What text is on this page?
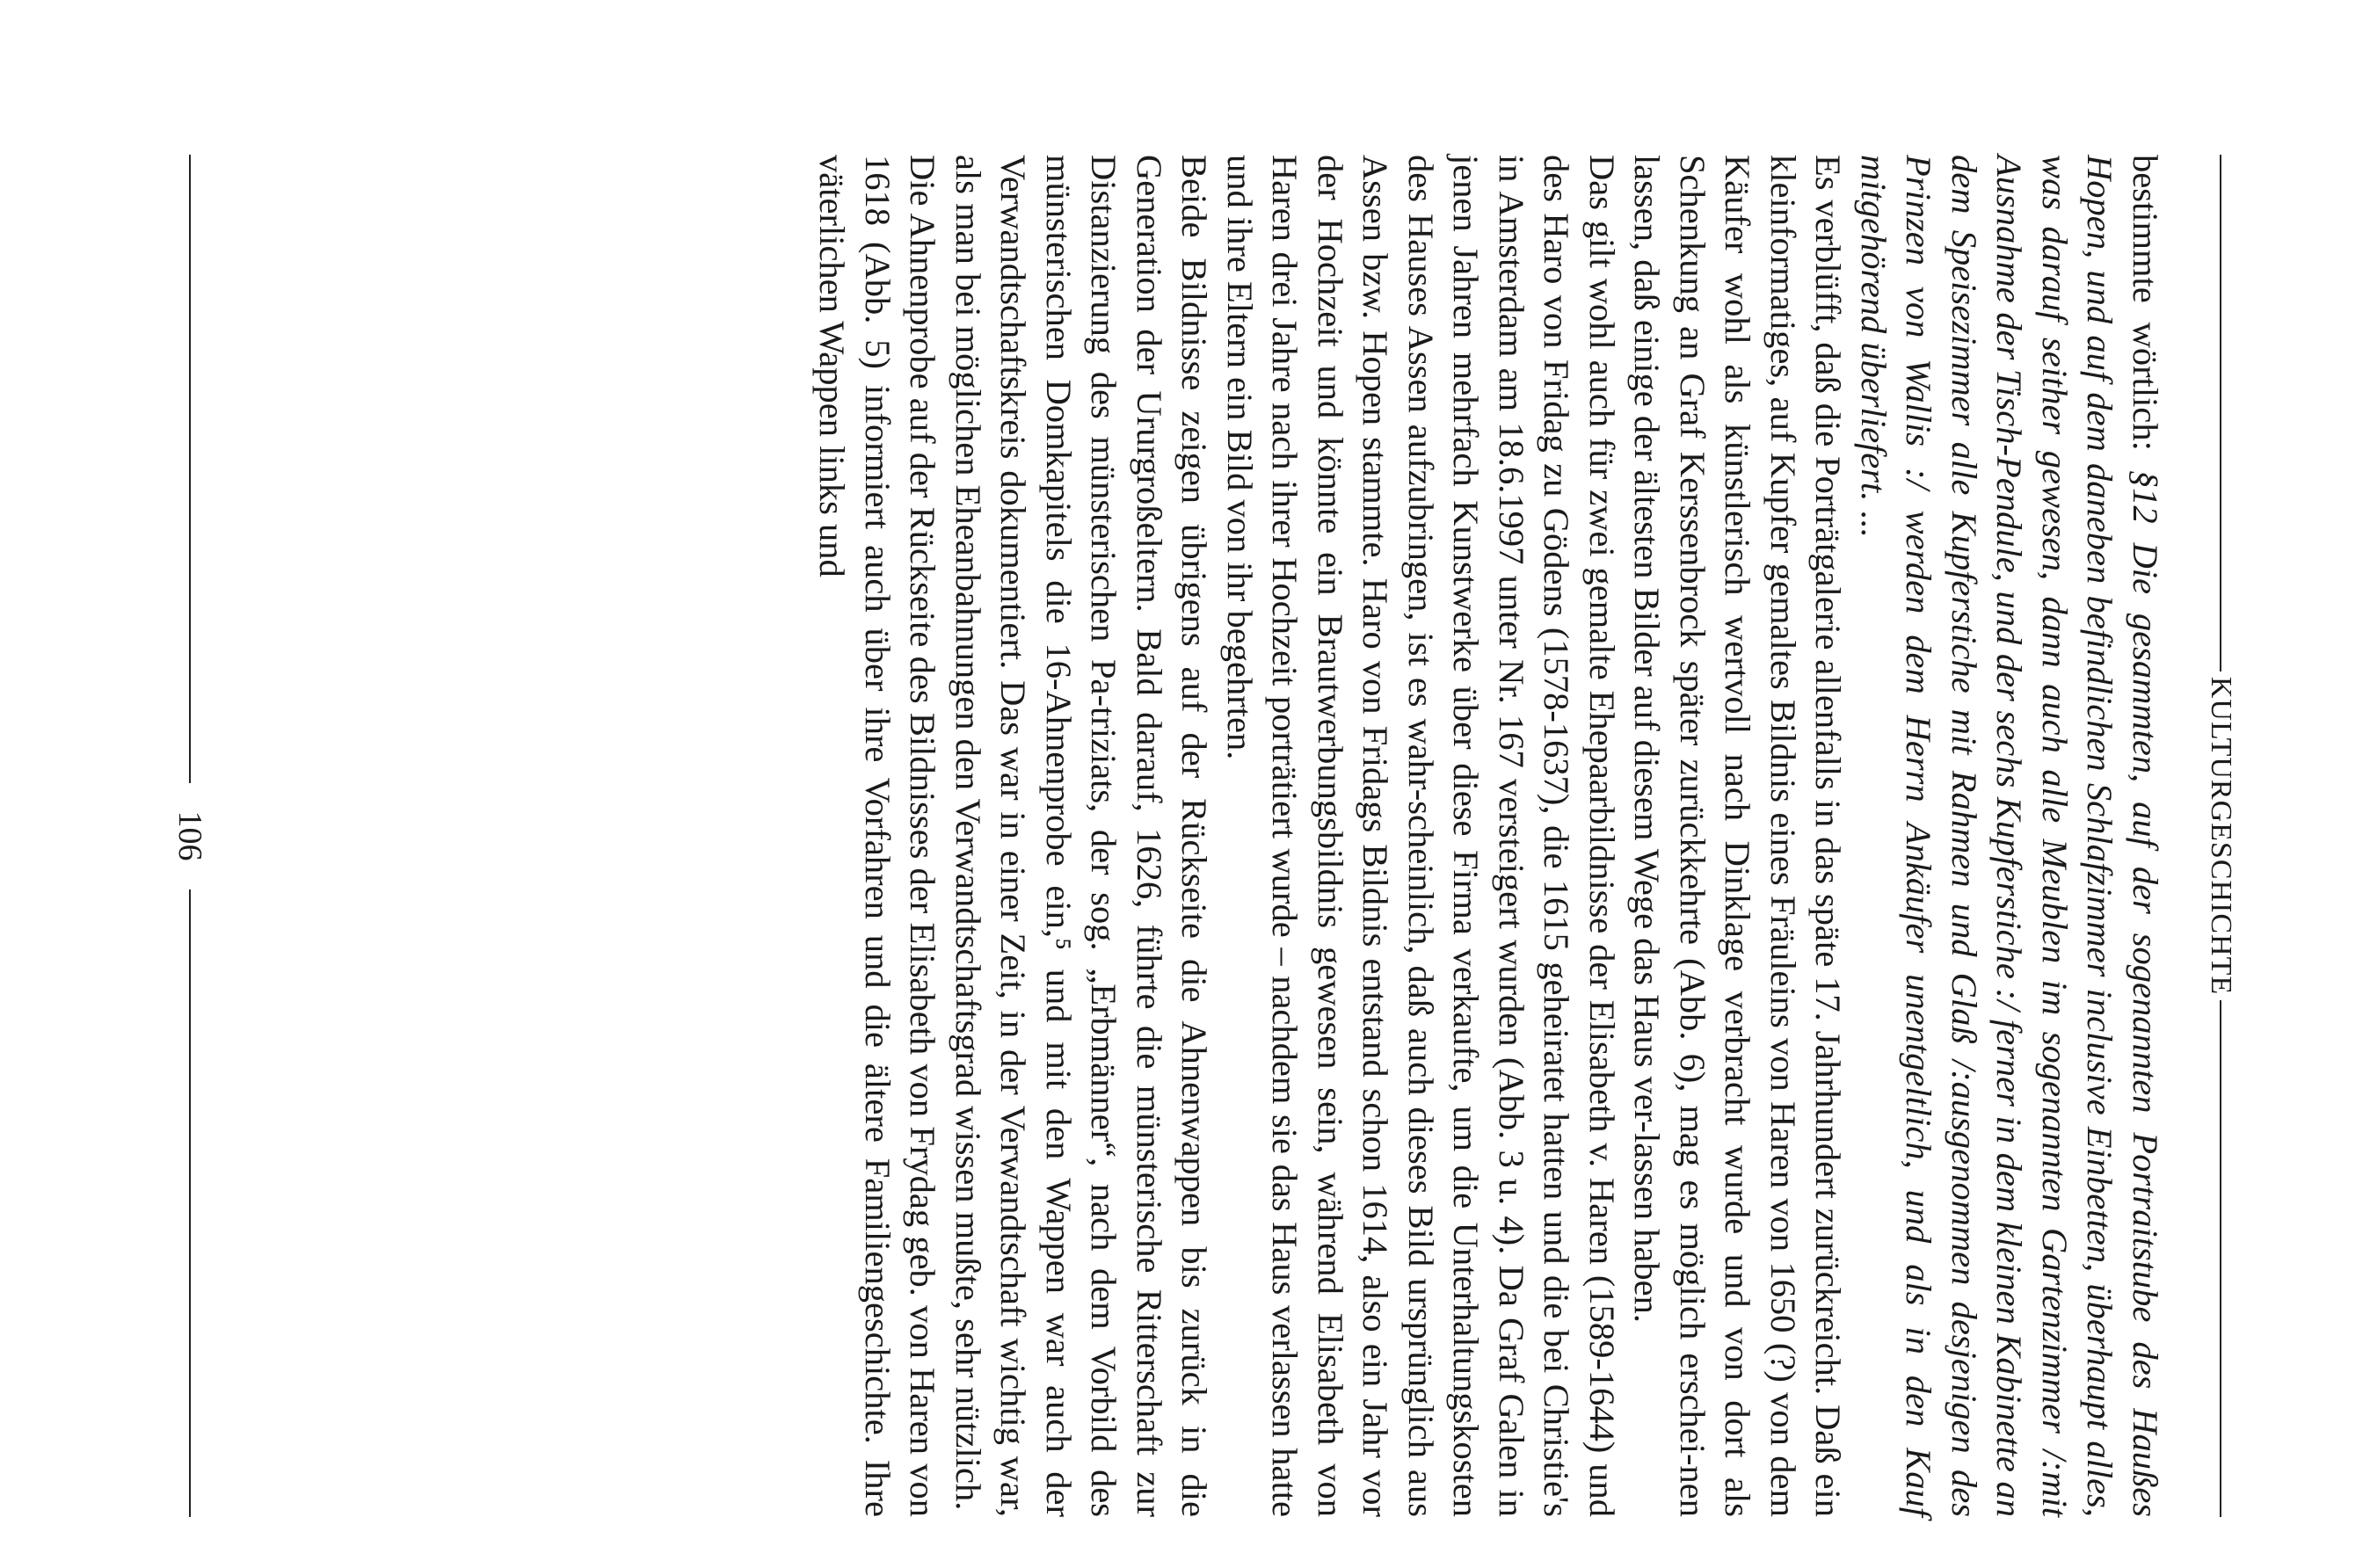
KULTURGESCHICHTE

bestimmte wörtlich: §12 Die gesammten, auf der sogenannten Portraitstube des Haußes Hopen, und auf dem daneben befindlichen Schlafzimmer inclusive Einbetten, überhaupt alles, was darauf seither gewesen, dann auch alle Meublen im sogenannten Gartenzimmer /:mit Ausnahme der Tisch-Pendule, und der sechs Kupferstiche :/ ferner in dem kleinen Kabinette an dem Speisezimmer alle Kupferstiche mit Rahmen und Glaß /:ausgenommen desjenigen des Prinzen von Wallis :/ werden dem Herrn Ankäufer unentgeltlich, und als in den Kauf mitgehörend überliefert. ...

Es verblüfft, daß die Porträtgalerie allenfalls in das späte 17. Jahrhundert zurückreicht. Daß ein kleinformatiges, auf Kupfer gemaltes Bildnis eines Fräuleins von Haren von 1650 (?) von dem Käufer wohl als künstlerisch wertvoll nach Dinklage verbracht wurde und von dort als Schenkung an Graf Kerssenbrock später zurückkehrte (Abb. 6), mag es möglich erschei-nen lassen, daß einige der ältesten Bilder auf diesem Wege das Haus ver-lassen haben.

Das gilt wohl auch für zwei gemalte Ehepaarbildnisse der Elisabeth v. Haren (1589-1644) und des Haro von Fridag zu Gödens (1578-1637), die 1615 geheiratet hatten und die bei Christie's in Amsterdam am 18.6.1997 unter Nr. 167 versteigert wurden (Abb. 3 u. 4). Da Graf Galen in jenen Jahren mehrfach Kunstwerke über diese Firma verkaufte, um die Unterhaltungskosten des Hauses Assen aufzubringen, ist es wahr-scheinlich, daß auch dieses Bild ursprünglich aus Assen bzw. Hopen stammte. Haro von Fridags Bildnis entstand schon 1614, also ein Jahr vor der Hochzeit und könnte ein Brautwerbungsbildnis gewesen sein, während Elisabeth von Haren drei Jahre nach ihrer Hochzeit porträtiert wurde – nachdem sie das Haus verlassen hatte und ihre Eltern ein Bild von ihr begehrten.

Beide Bildnisse zeigen übrigens auf der Rückseite die Ahnenwappen bis zurück in die Generation der Ururgroßeltern. Bald darauf, 1626, führte die münsterische Ritterschaft zur Distanzierung des münsterischen Pa-triziats, der sog. „Erbmänner“, nach dem Vorbild des münsterischen Domkapitels die 16-Ahnenprobe ein,⁵ und mit den Wappen war auch der Verwandtschaftskreis dokumentiert. Das war in einer Zeit, in der Verwandtschaft wichtig war, als man bei möglichen Eheanbahnungen den Verwandtschaftsgrad wissen mußte, sehr nützlich.

Die Ahnenprobe auf der Rückseite des Bildnisses der Elisabeth von Frydag geb. von Haren von 1618 (Abb. 5) informiert auch über ihre Vorfahren und die ältere Familiengeschichte. Ihre väterlichen Wappen links und

106
